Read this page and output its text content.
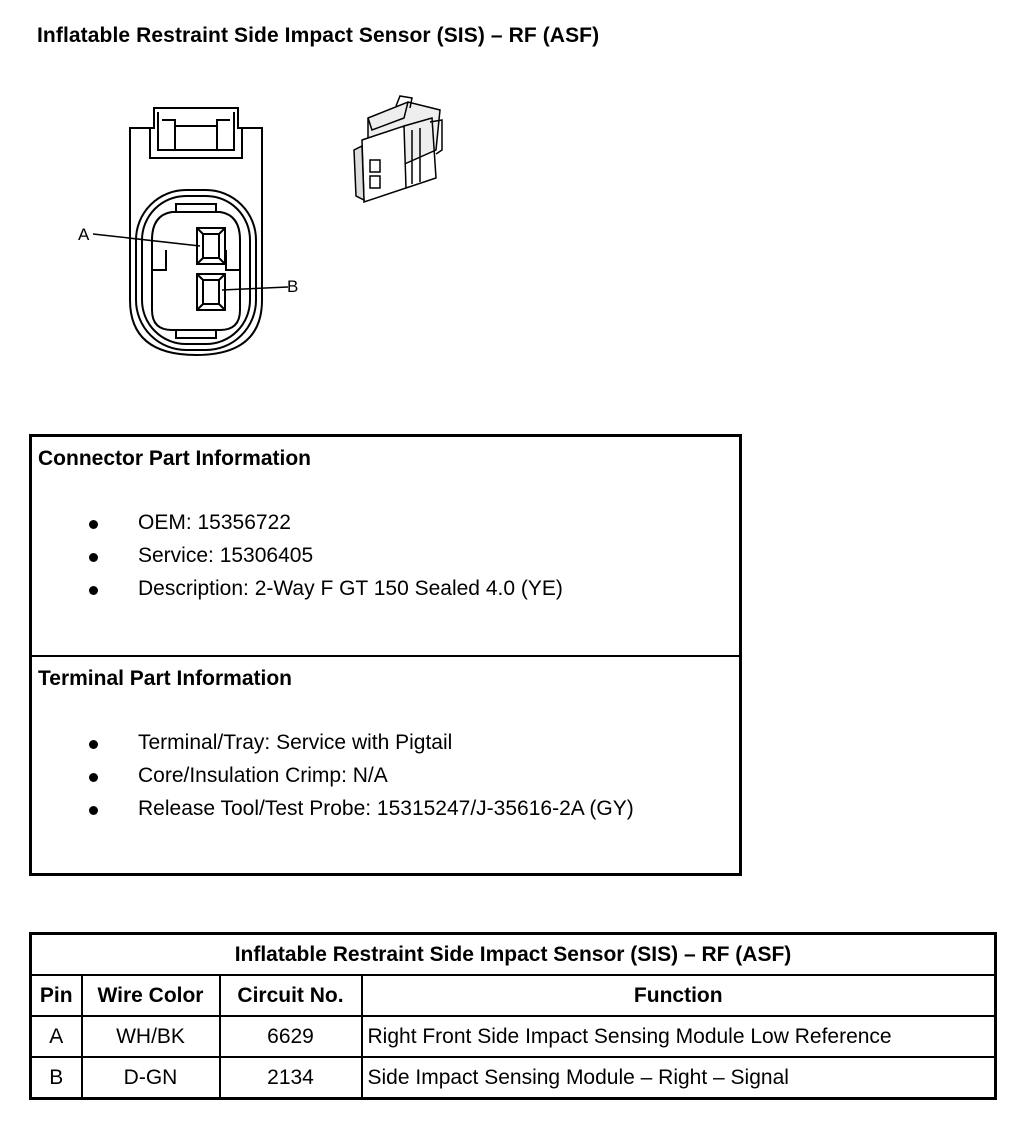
Inflatable Restraint Side Impact Sensor (SIS) – RF (ASF)
A
B
Connector Part Information
OEM: 15356722
Service: 15306405
Description: 2-Way F GT 150 Sealed 4.0 (YE)
Terminal Part Information
Terminal/Tray: Service with Pigtail
Core/Insulation Crimp: N/A
Release Tool/Test Probe: 15315247/J-35616-2A (GY)
Inflatable Restraint Side Impact Sensor (SIS) – RF (ASF)			
Pin	Wire Color	Circuit No.	Function
A	WH/BK	6629	Right Front Side Impact Sensing Module Low Reference
B	D-GN	2134	Side Impact Sensing Module – Right – Signal
